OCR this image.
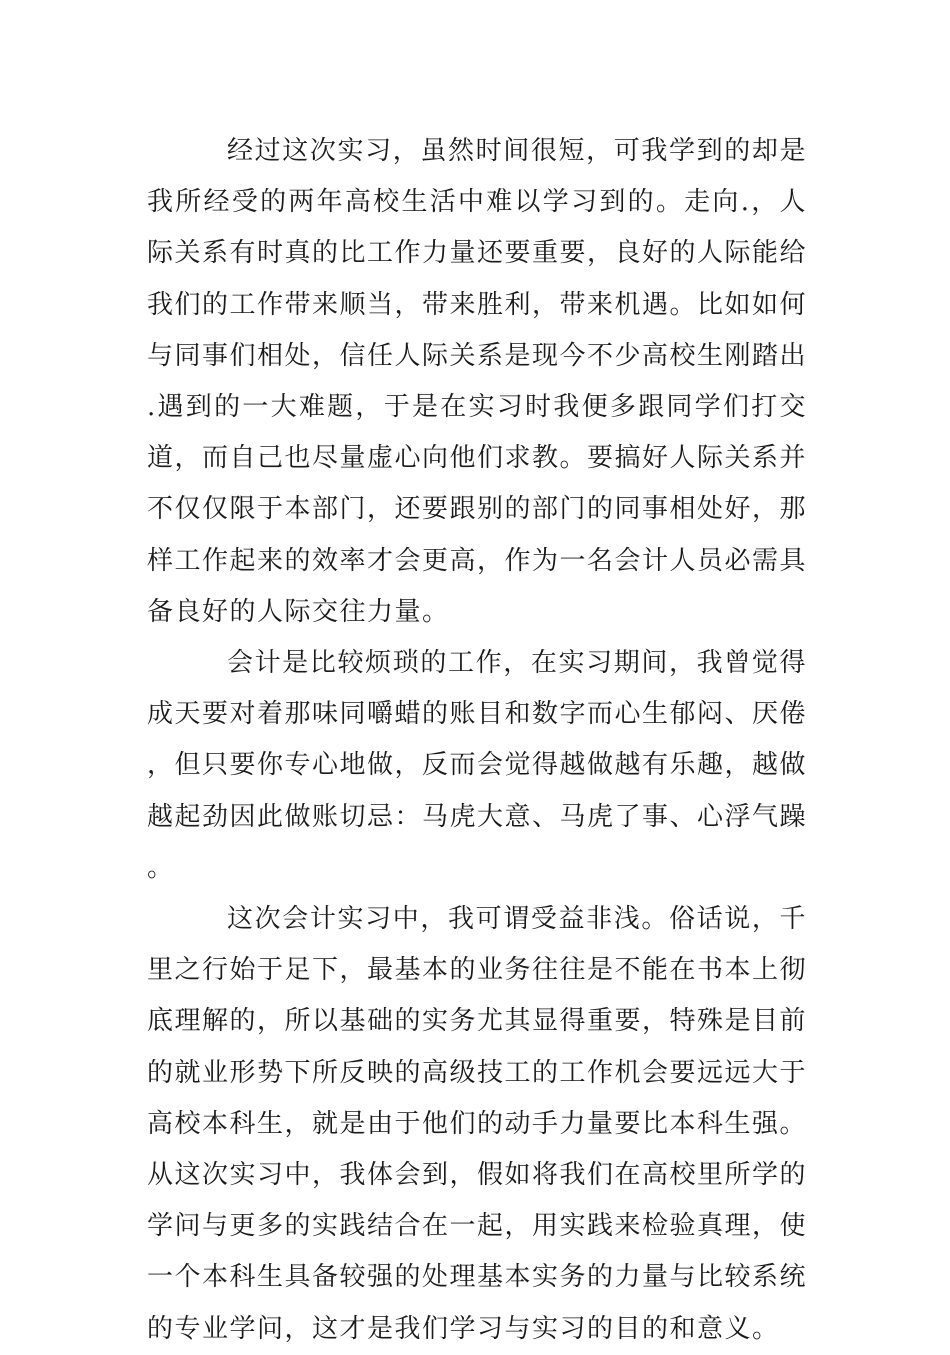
经过这次实习，虽然时间很短，可我学到的却是我所经受的两年高校生活中难以学习到的。走向.，人际关系有时真的比工作力量还要重要，良好的人际能给我们的工作带来顺当，带来胜利，带来机遇。比如如何与同事们相处，信任人际关系是现今不少高校生刚踏出.遇到的一大难题，于是在实习时我便多跟同学们打交道，而自己也尽量虚心向他们求教。要搞好人际关系并不仅仅限于本部门，还要跟别的部门的同事相处好，那样工作起来的效率才会更高，作为一名会计人员必需具备良好的人际交往力量。

会计是比较烦琐的工作，在实习期间，我曾觉得成天要对着那味同嚼蜡的账目和数字而心生郁闷、厌倦，但只要你专心地做，反而会觉得越做越有乐趣，越做越起劲因此做账切忌：马虎大意、马虎了事、心浮气躁。

这次会计实习中，我可谓受益非浅。俗话说，千里之行始于足下，最基本的业务往往是不能在书本上彻底理解的，所以基础的实务尤其显得重要，特殊是目前的就业形势下所反映的高级技工的工作机会要远远大于高校本科生，就是由于他们的动手力量要比本科生强。从这次实习中，我体会到，假如将我们在高校里所学的学问与更多的实践结合在一起，用实践来检验真理，使一个本科生具备较强的处理基本实务的力量与比较系统的专业学问，这才是我们学习与实习的目的和意义。
